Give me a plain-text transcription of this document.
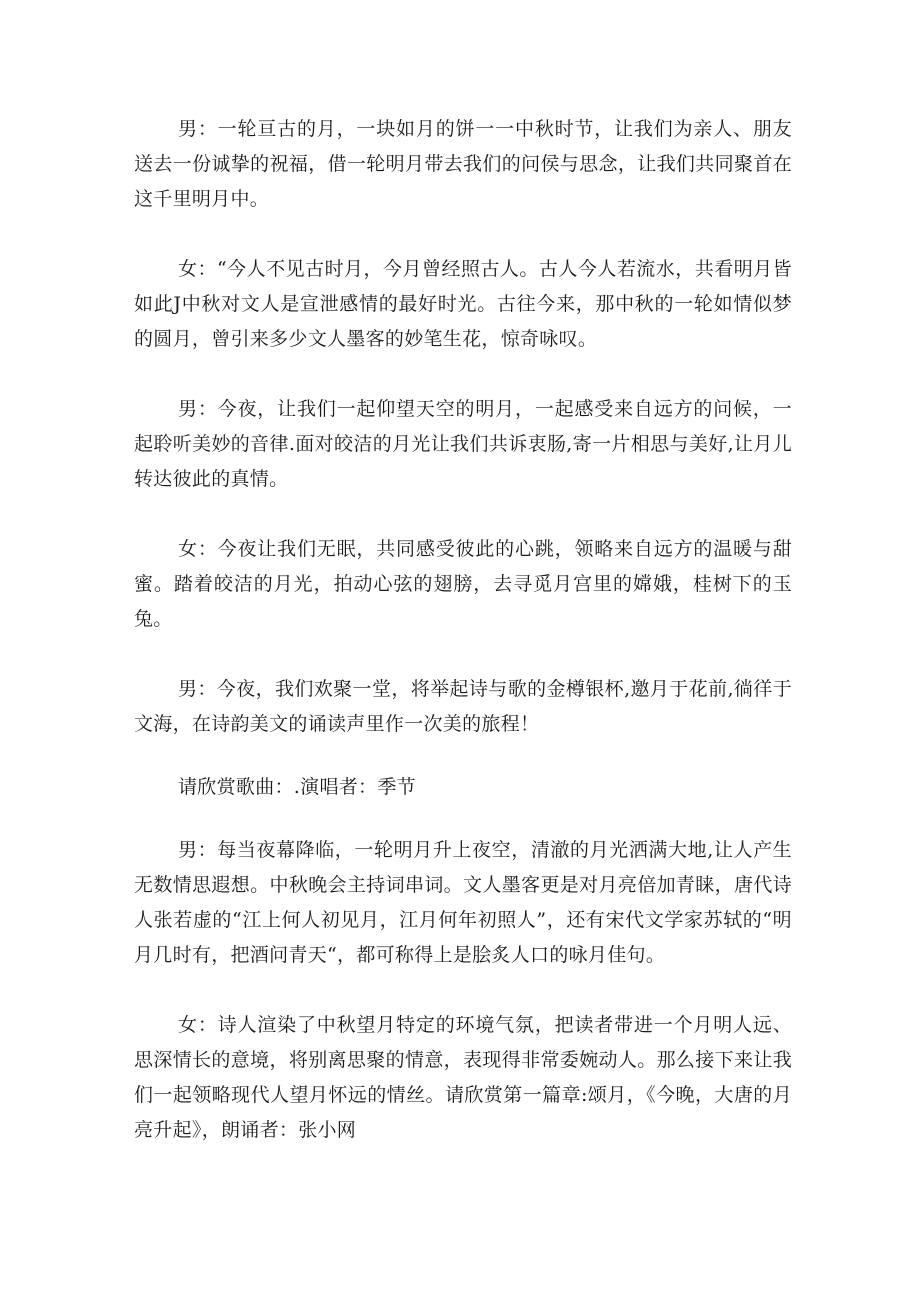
男：一轮亘古的月，一块如月的饼一一中秋时节，让我们为亲人、朋友送去一份诚挚的祝福，借一轮明月带去我们的问侯与思念，让我们共同聚首在这千里明月中。

女：“今人不见古时月，今月曾经照古人。古人今人若流水，共看明月皆如此J中秋对文人是宣泄感情的最好时光。古往今来，那中秋的一轮如情似梦的圆月，曾引来多少文人墨客的妙笔生花，惊奇咏叹。

男：今夜，让我们一起仰望天空的明月，一起感受来自远方的问候，一起聆听美妙的音律.面对皎洁的月光让我们共诉衷肠,寄一片相思与美好,让月儿转达彼此的真情。

女：今夜让我们无眠，共同感受彼此的心跳，领略来自远方的温暖与甜蜜。踏着皎洁的月光，拍动心弦的翅膀，去寻觅月宫里的嫦娥，桂树下的玉兔。

男：今夜，我们欢聚一堂，将举起诗与歌的金樽银杯,邀月于花前,徜徉于文海，在诗韵美文的诵读声里作一次美的旅程！

请欣赏歌曲：.演唱者：季节

男：每当夜幕降临，一轮明月升上夜空，清澈的月光洒满大地,让人产生无数情思遐想。中秋晚会主持词串词。文人墨客更是对月亮倍加青睐，唐代诗人张若虚的“江上何人初见月，江月何年初照人”，还有宋代文学家苏轼的“明月几时有，把酒问青天“，都可称得上是脍炙人口的咏月佳句。

女：诗人渲染了中秋望月特定的环境气氛，把读者带进一个月明人远、思深情长的意境，将别离思聚的情意，表现得非常委婉动人。那么接下来让我们一起领略现代人望月怀远的情丝。请欣赏第一篇章:颂月，《今晚，大唐的月亮升起》，朗诵者：张小网
